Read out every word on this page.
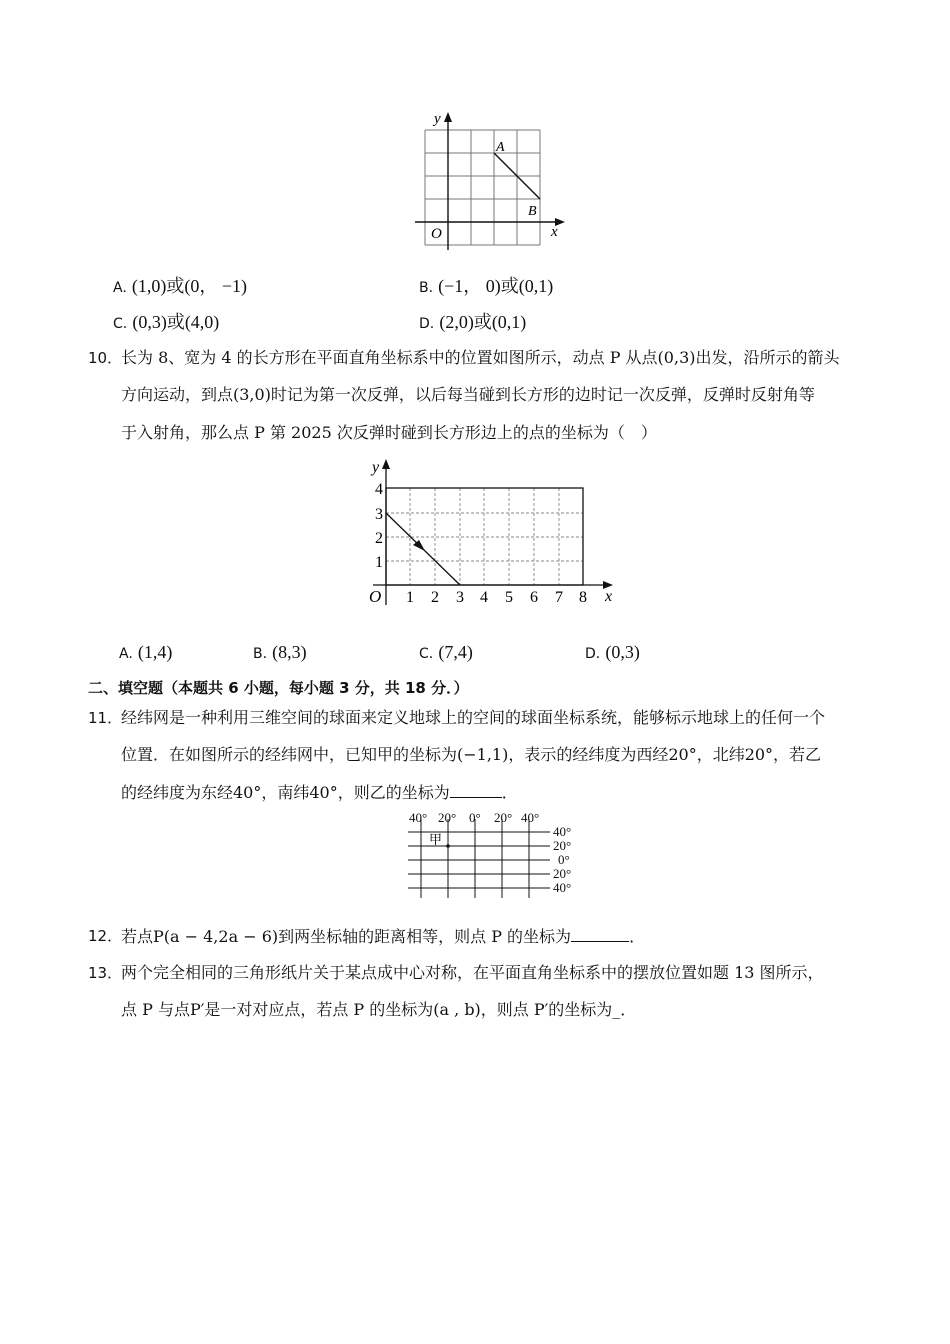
y
x
O
A
B
A. (1,0)或(0， −1)	B. (−1， 0)或(0,1)
C. (0,3)或(4,0)	D. (2,0)或(0,1)
10．
长为 8、宽为 4 的长方形在平面直角坐标系中的位置如图所示，动点 P 从点(0,3)出发，沿所示的箭头
方向运动，到点(3,0)时记为第一次反弹，以后每当碰到长方形的边时记一次反弹，反弹时反射角等
于入射角，那么点 P 第 2025 次反弹时碰到长方形边上的点的坐标为（　）
y
x
O 1 2 3 4 5 6 7 8
1
2
3
4
A. (1,4)	B. (8,3)	C. (7,4)	D. (0,3)
二、填空题（本题共 6 小题，每小题 3 分，共 18 分．）
11．
经纬网是一种利用三维空间的球面来定义地球上的空间的球面坐标系统，能够标示地球上的任何一个
位置．在如图所示的经纬网中，已知甲的坐标为(−1,1)，表示的经纬度为西经20°，北纬20°，若乙
的经纬度为东经40°，南纬40°，则乙的坐标为	．
40° 20° 0° 20° 40°
40°
20°
0°
20°
40°
甲
12．
若点P(a − 4,2a − 6)到两坐标轴的距离相等，则点 P 的坐标为	．
13．
两个完全相同的三角形纸片关于某点成中心对称，在平面直角坐标系中的摆放位置如题 13 图所示，
点 P 与点P′是一对对应点，若点 P 的坐标为(a , b)，则点 P′的坐标为_．
